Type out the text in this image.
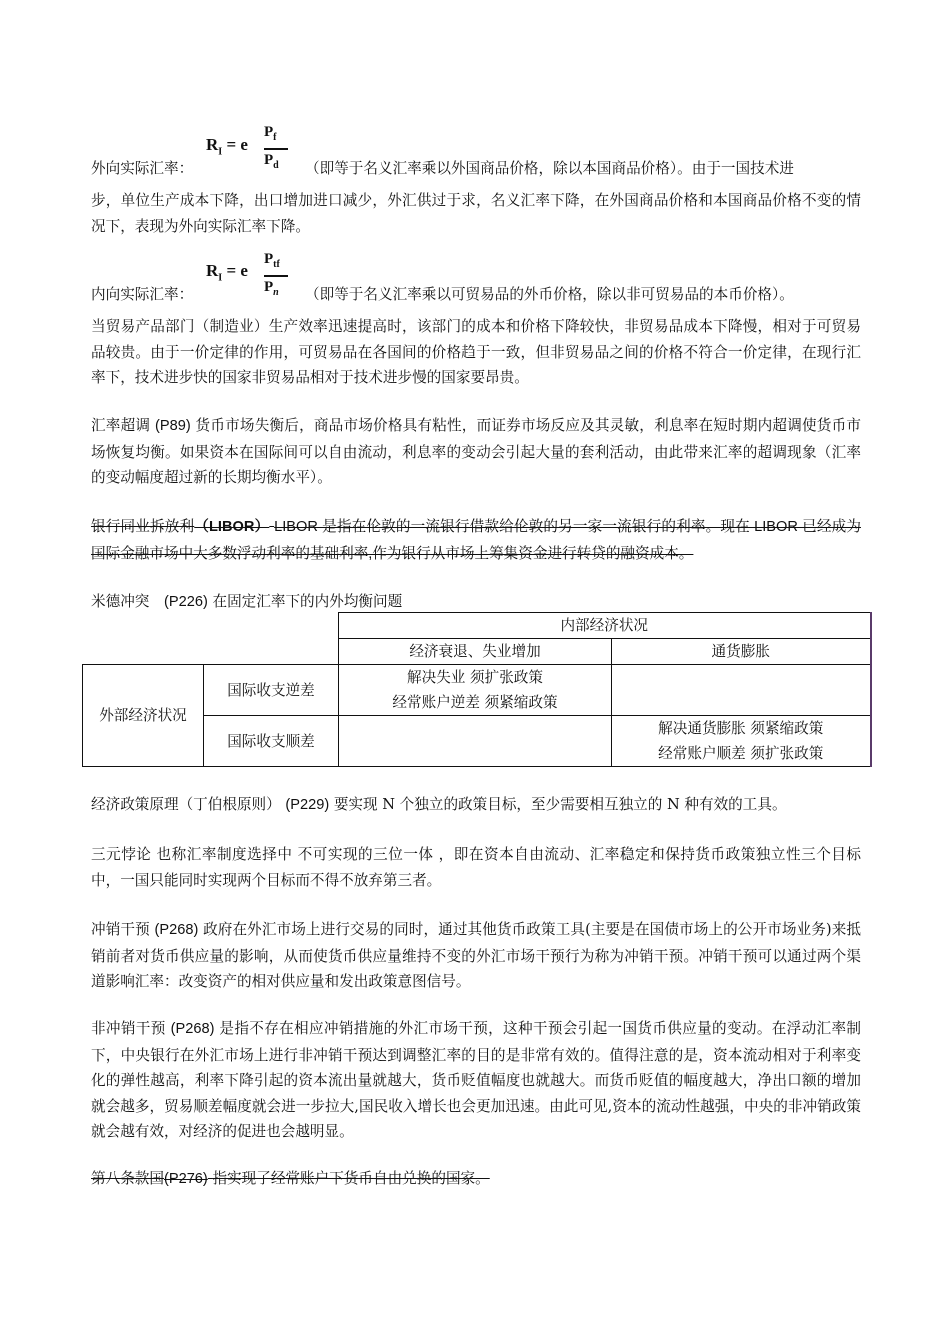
$R_I = e$
$P_f$
$P_d$
外向实际汇率：	（即等于名义汇率乘以外国商品价格，除以本国商品价格）。由于一国技术进
步，单位生产成本下降，出口增加进口减少，外汇供过于求，名义汇率下降，在外国商品价格和本国商品价格不变的情况下，表现为外向实际汇率下降。
$R_I = e$
$P_{tf}$
$P_n$
内向实际汇率：	（即等于名义汇率乘以可贸易品的外币价格，除以非可贸易品的本币价格）。
当贸易产品部门（制造业）生产效率迅速提高时，该部门的成本和价格下降较快，非贸易品成本下降慢，相对于可贸易品较贵。由于一价定律的作用，可贸易品在各国间的价格趋于一致，但非贸易品之间的价格不符合一价定律，在现行汇率下，技术进步快的国家非贸易品相对于技术进步慢的国家要昂贵。
汇率超调 (P89) 货币市场失衡后，商品市场价格具有粘性，而证券市场反应及其灵敏，利息率在短时期内超调使货币市场恢复均衡。如果资本在国际间可以自由流动，利息率的变动会引起大量的套利活动，由此带来汇率的超调现象（汇率的变动幅度超过新的长期均衡水平）。
银行同业拆放利（LIBOR） LIBOR 是指在伦敦的一流银行借款给伦敦的另一家一流银行的利率。现在 LIBOR 已经成为国际金融市场中大多数浮动利率的基础利率,作为银行从市场上筹集资金进行转贷的融资成本。
米德冲突 (P226) 在固定汇率下的内外均衡问题
		内部经济状况	
		经济衰退、失业增加	通货膨胀
外部经济状况	国际收支逆差	解决失业 须扩张政策
经常账户逆差 须紧缩政策	

	国际收支顺差		解决通货膨胀 须紧缩政策
经常账户顺差 须扩张政策
经济政策原理（丁伯根原则） (P229) 要实现 N 个独立的政策目标，至少需要相互独立的 N 种有效的工具。
三元悖论 也称汇率制度选择中 不可实现的三位一体 ，即在资本自由流动、汇率稳定和保持货币政策独立性三个目标中，一国只能同时实现两个目标而不得不放弃第三者。
冲销干预 (P268) 政府在外汇市场上进行交易的同时，通过其他货币政策工具(主要是在国债市场上的公开市场业务)来抵销前者对货币供应量的影响，从而使货币供应量维持不变的外汇市场干预行为称为冲销干预。冲销干预可以通过两个渠道影响汇率：改变资产的相对供应量和发出政策意图信号。
非冲销干预 (P268) 是指不存在相应冲销措施的外汇市场干预，这种干预会引起一国货币供应量的变动。在浮动汇率制下，中央银行在外汇市场上进行非冲销干预达到调整汇率的目的是非常有效的。值得注意的是，资本流动相对于利率变化的弹性越高，利率下降引起的资本流出量就越大，货币贬值幅度也就越大。而货币贬值的幅度越大，净出口额的增加就会越多，贸易顺差幅度就会进一步拉大,国民收入增长也会更加迅速。由此可见,资本的流动性越强，中央的非冲销政策就会越有效，对经济的促进也会越明显。
第八条款国(P276) 指实现了经常账户下货币自由兑换的国家。
